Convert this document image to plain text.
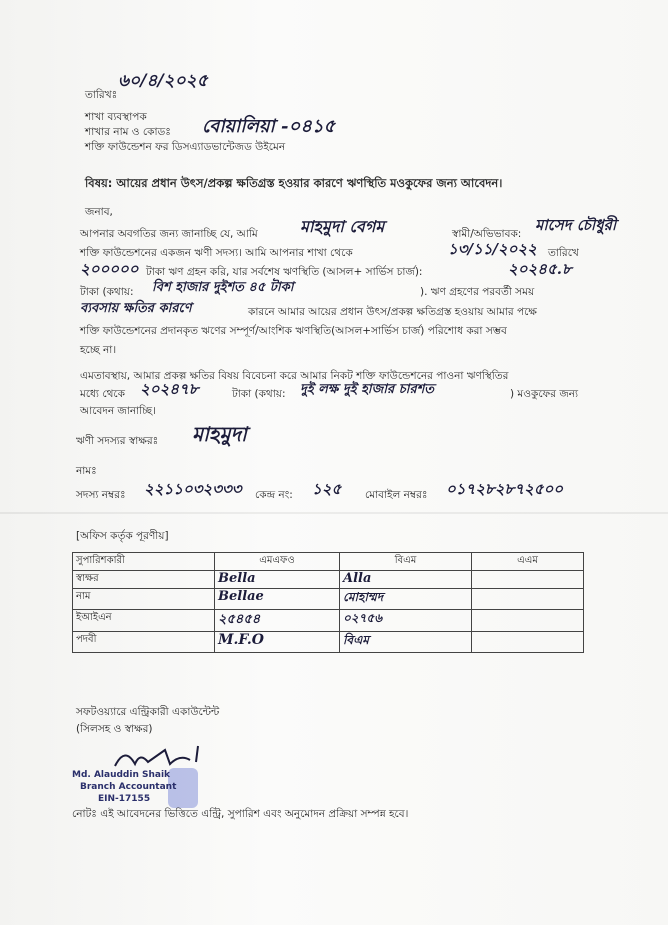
তারিখঃ
৬০/৪/২০২৫
শাখা ব্যবস্থাপক
শাখার নাম ও কোডঃ বোয়ালিয়া -০৪১৫
শক্তি ফাউন্ডেশন ফর ডিসএ্যাডভান্টেজড উইমেন
বিষয়: আয়ের প্রধান উৎস/প্রকল্প ক্ষতিগ্রস্ত হওয়ার কারণে ঋণস্থিতি মওকুফের জন্য আবেদন।
জনাব,
আপনার অবগতির জন্য জানাচ্ছি যে, আমি	মাহমুদা বেগম	স্বামী/অভিভাবক: মাসেদ চৌধুরী
শক্তি ফাউন্ডেশনের একজন ঋণী সদস্য। আমি আপনার শাখা থেকে	১৩/১১/২০২২ তারিখে
২০০০০০ টাকা ঋণ গ্রহন করি, যার সর্বশেষ ঋণস্থিতি (আসল+ সার্ভিস চার্জ):	২০২৪৫.৮
টাকা (কথায়: বিশ হাজার দুইশত ৪৫ টাকা	). ঋণ গ্রহণের পরবর্তী সময়
ব্যবসায় ক্ষতির কারণে	কারনে আমার আয়ের প্রধান উৎস/প্রকল্প ক্ষতিগ্রস্ত হওয়ায় আমার পক্ষে
শক্তি ফাউন্ডেশনের প্রদানকৃত ঋণের সম্পূর্ণ/আংশিক ঋণস্থিতি(আসল+সার্ভিস চার্জ) পরিশোধ করা সম্ভব
হচ্ছে না।
এমতাবস্থায়, আমার প্রকল্প ক্ষতির বিষয় বিবেচনা করে আমার নিকট শক্তি ফাউন্ডেশনের পাওনা ঋণস্থিতির
মধ্যে থেকে ২০২৪৭৮	টাকা (কথায়: দুই লক্ষ দুই হাজার চারশত	) মওকুফের জন্য
আবেদন জানাচ্ছি।
ঋণী সদস্যর স্বাক্ষরঃ মাহমুদা
নামঃ
সদস্য নম্বরঃ ২২১১০৩২৩৩৩ কেন্দ্র নং: ১২৫ মোবাইল নম্বরঃ ০১৭২৮২৮৭২৫০০
[অফিস কর্তৃক পূরণীয়]
সুপারিশকারী	এমএফও	বিএম	এএম
স্বাক্ষর	Bella	Alla	
নাম	Bellae	মোহাম্মদ	
ইআইএন	২৫৪৫৪	০২৭৫৬	
পদবী	M.F.O	বিএম	
সফটওয়্যারে এন্ট্রিকারী একাউন্টেন্ট
(সিলসহ ও স্বাক্ষর)
Md. Alauddin Shaik
Branch Accountant
EIN-17155
নোটঃ এই আবেদনের ভিত্তিতে এন্ট্রি, সুপারিশ এবং অনুমোদন প্রক্রিয়া সম্পন্ন হবে।
